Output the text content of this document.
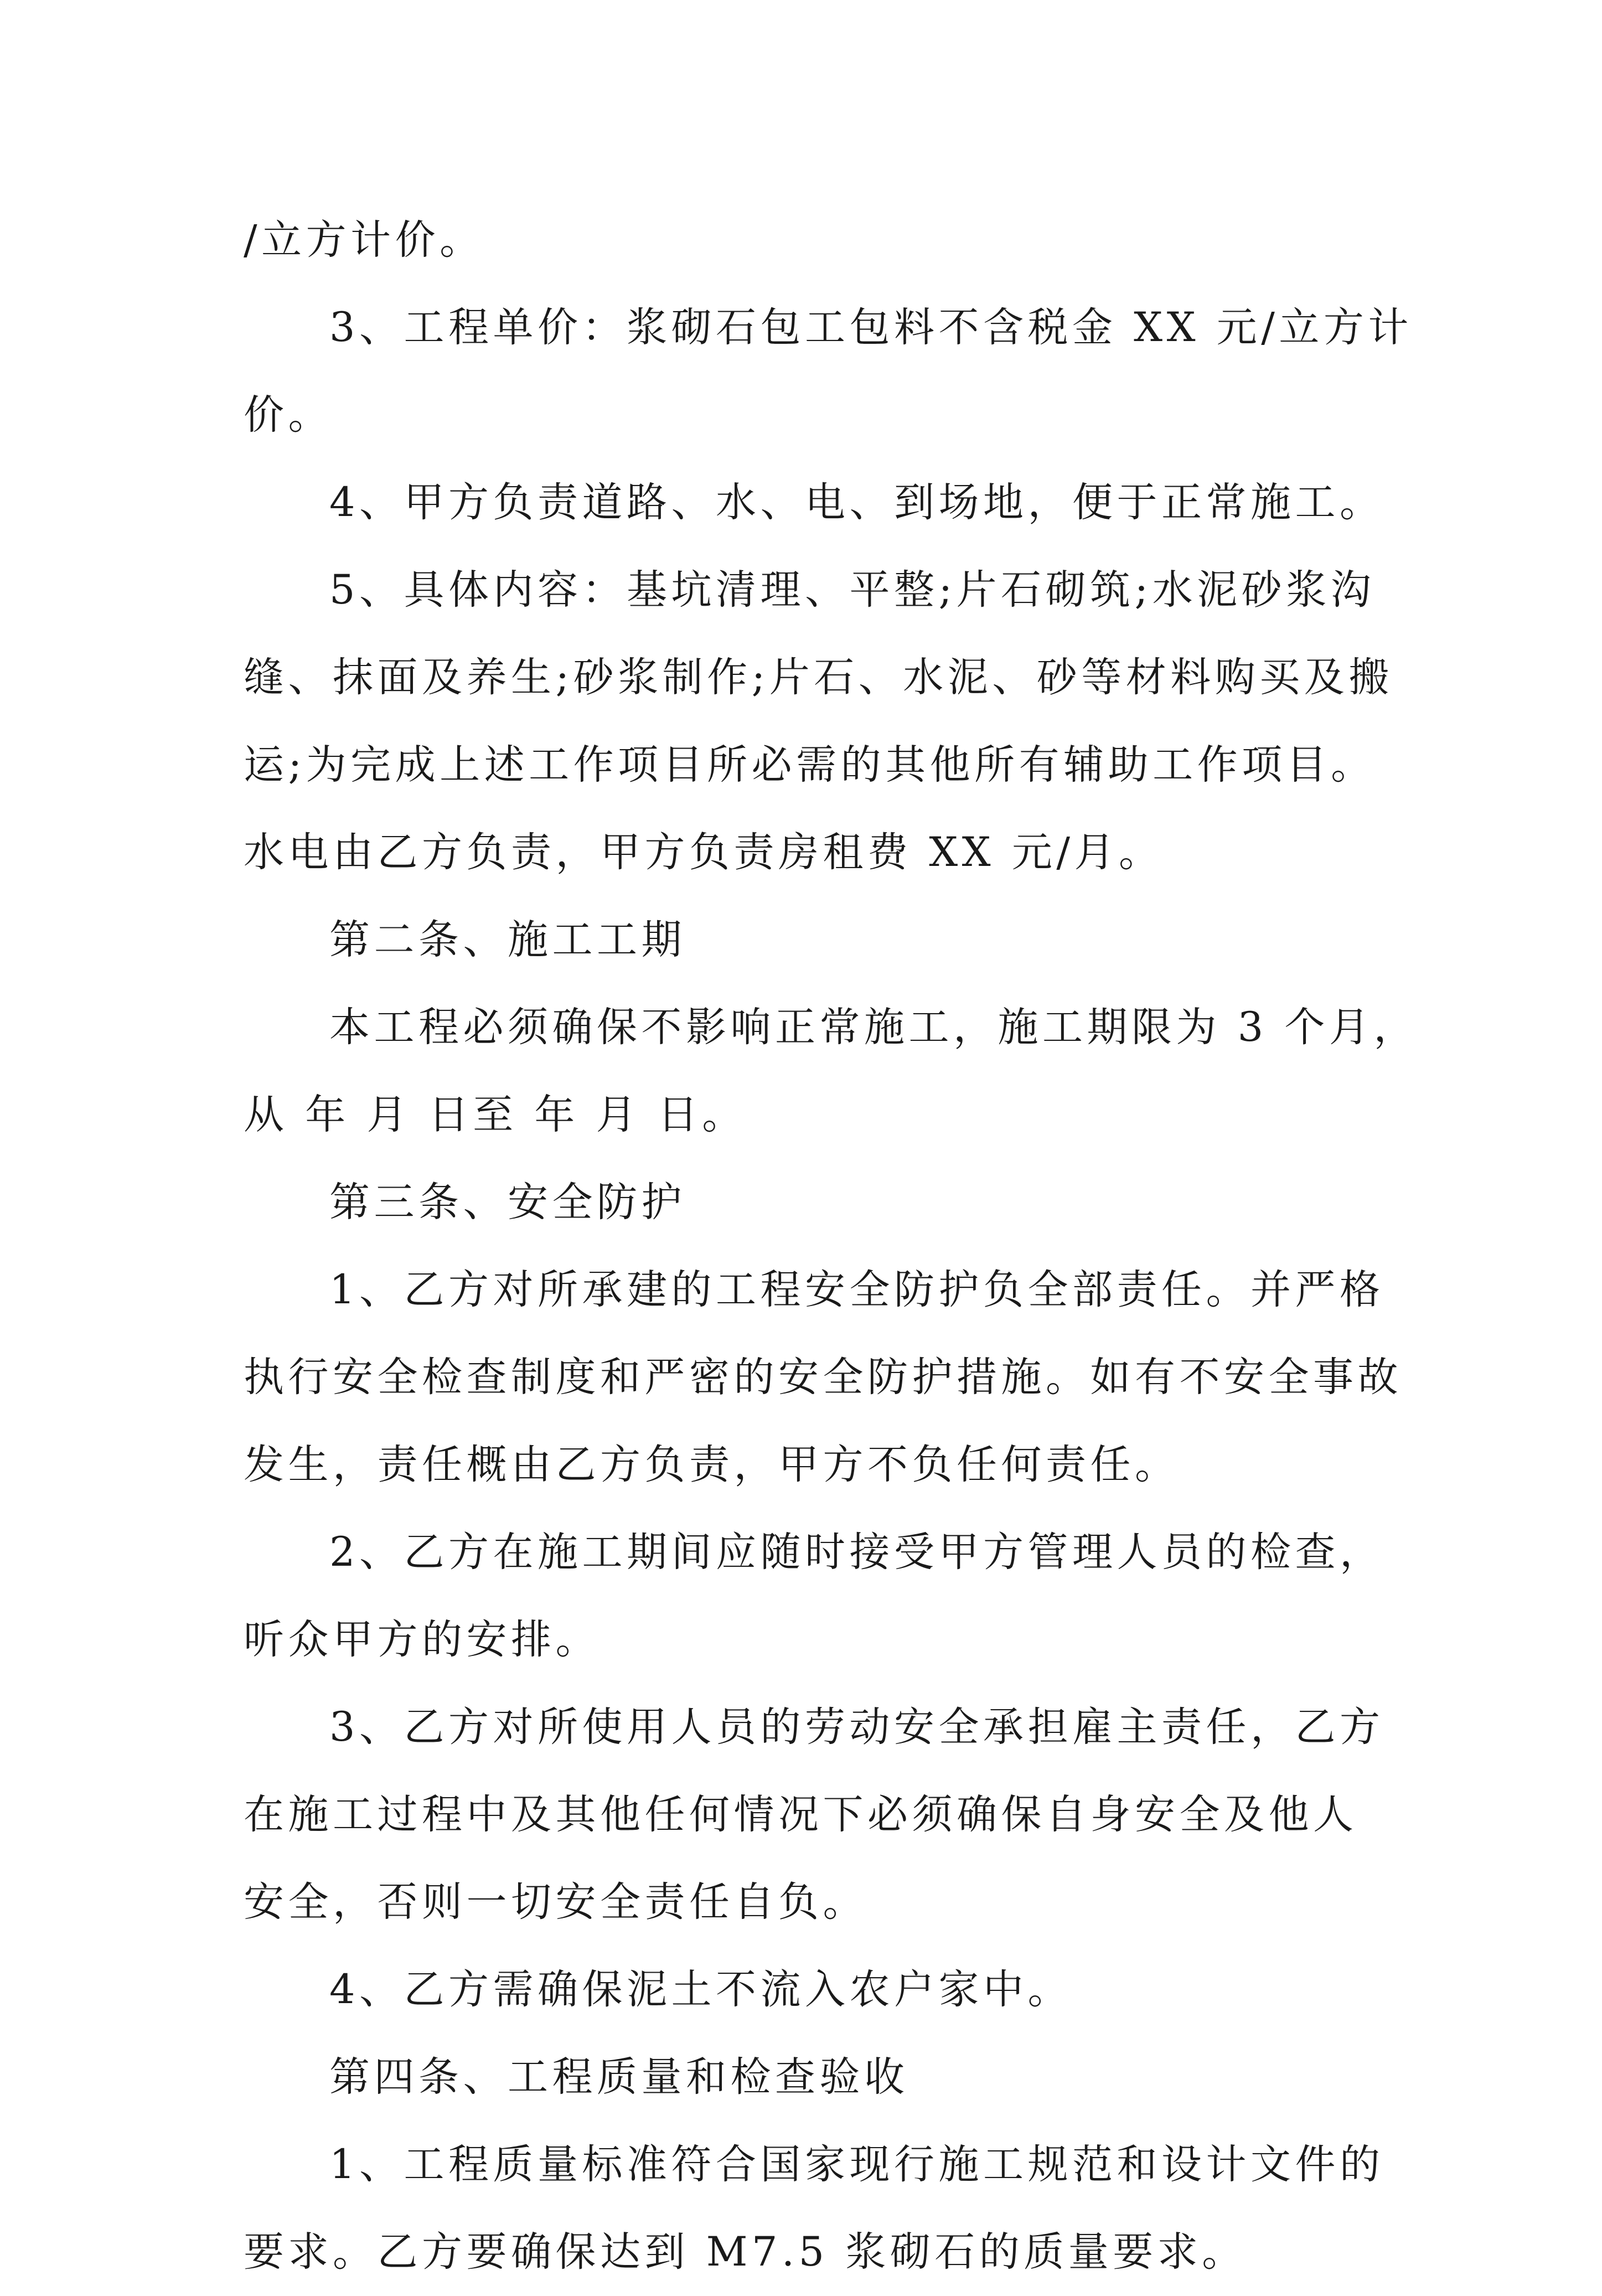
/立方计价。

3、工程单价：浆砌石包工包料不含税金 XX 元/立方计

价。

4、甲方负责道路、水、电、到场地，便于正常施工。

5、具体内容：基坑清理、平整;片石砌筑;水泥砂浆沟

缝、抹面及养生;砂浆制作;片石、水泥、砂等材料购买及搬

运;为完成上述工作项目所必需的其他所有辅助工作项目。

水电由乙方负责，甲方负责房租费 XX 元/月。

第二条、施工工期

本工程必须确保不影响正常施工，施工期限为 3 个月，

从 年 月 日至 年 月 日。

第三条、安全防护

1、乙方对所承建的工程安全防护负全部责任。并严格

执行安全检查制度和严密的安全防护措施。如有不安全事故

发生，责任概由乙方负责，甲方不负任何责任。

2、乙方在施工期间应随时接受甲方管理人员的检查，

听众甲方的安排。

3、乙方对所使用人员的劳动安全承担雇主责任，乙方

在施工过程中及其他任何情况下必须确保自身安全及他人

安全，否则一切安全责任自负。

4、乙方需确保泥土不流入农户家中。

第四条、工程质量和检查验收

1、工程质量标准符合国家现行施工规范和设计文件的

要求。乙方要确保达到 M7.5 浆砌石的质量要求。
